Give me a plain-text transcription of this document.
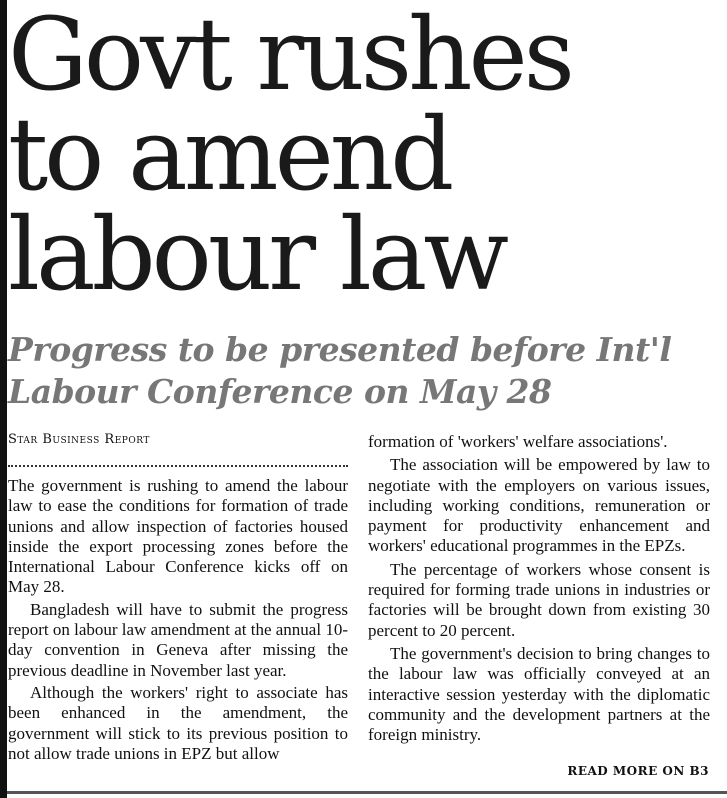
Govt rushes
to amend
labour law
Progress to be presented before Int'l
Labour Conference on May 28
Star Business Report

The government is rushing to amend the labour law to ease the conditions for formation of trade unions and allow inspection of factories housed inside the export processing zones before the International Labour Conference kicks off on May 28.

Bangladesh will have to submit the progress report on labour law amendment at the annual 10-day convention in Geneva after missing the previous deadline in November last year.

Although the workers' right to associate has been enhanced in the amendment, the government will stick to its previous position to not allow trade unions in EPZ but allow

formation of 'workers' welfare associations'.

The association will be empowered by law to negotiate with the employers on various issues, including working conditions, remuneration or payment for productivity enhancement and workers' educational programmes in the EPZs.

The percentage of workers whose consent is required for forming trade unions in industries or factories will be brought down from existing 30 percent to 20 percent.

The government's decision to bring changes to the labour law was officially conveyed at an interactive session yesterday with the diplomatic community and the development partners at the foreign ministry.

READ MORE ON B3
